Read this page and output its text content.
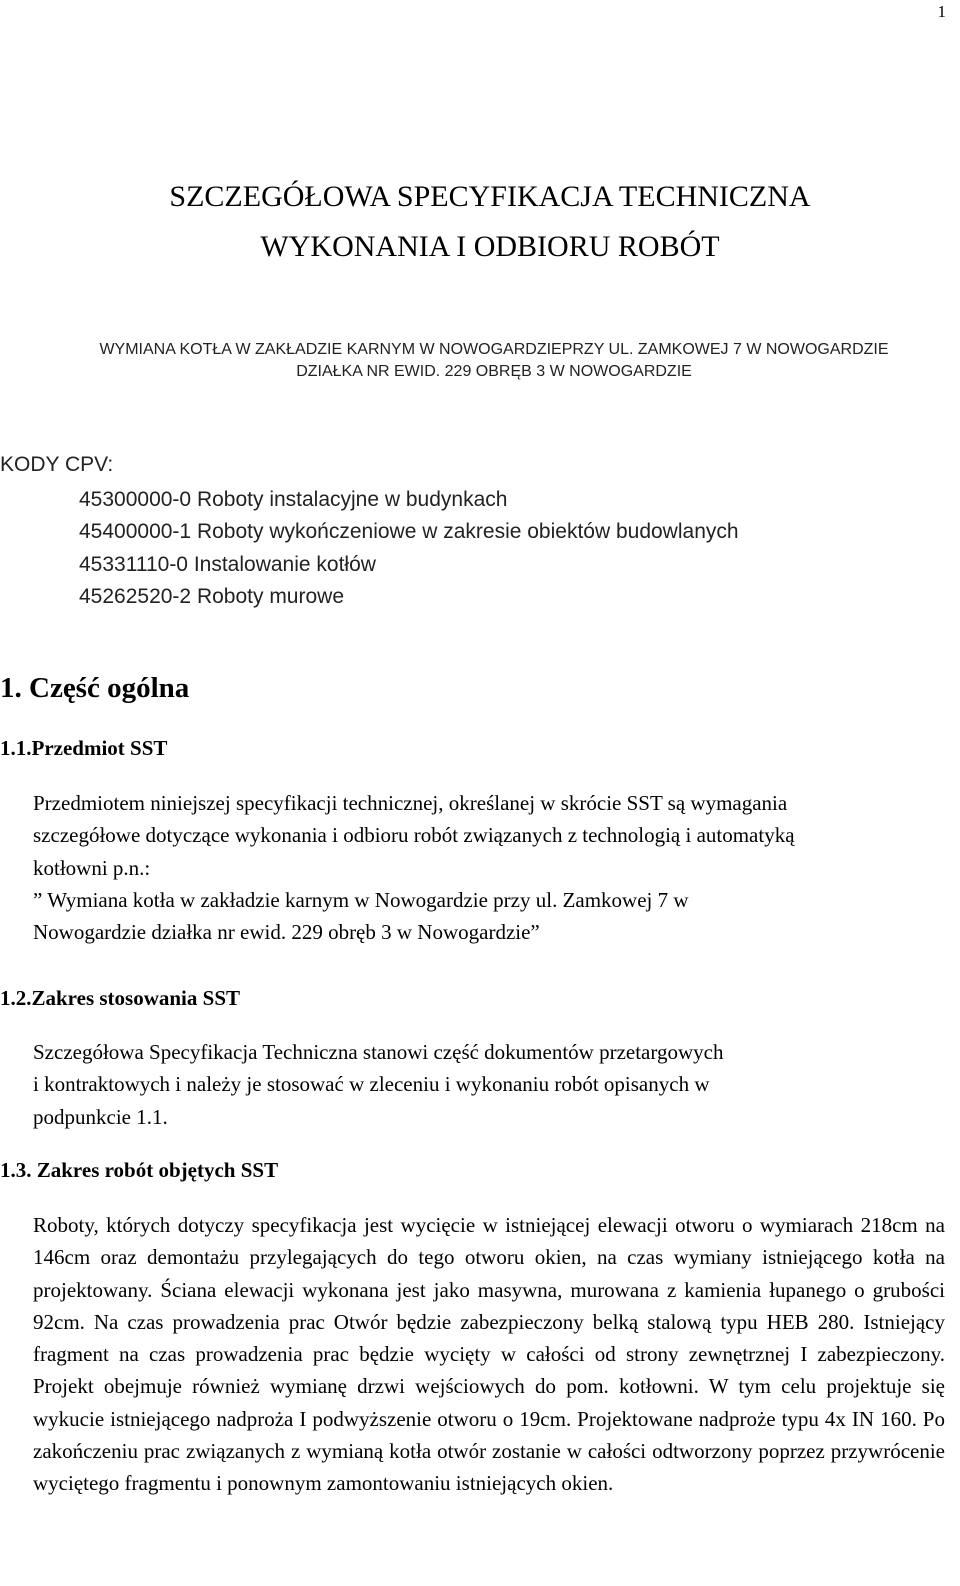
1
SZCZEGÓŁOWA SPECYFIKACJA TECHNICZNA
WYKONANIA I ODBIORU ROBÓT
WYMIANA KOTŁA W ZAKŁADZIE KARNYM W NOWOGARDZIEPRZY UL. ZAMKOWEJ 7 W NOWOGARDZIE
DZIAŁKA NR EWID. 229 OBRĘB 3 W NOWOGARDZIE
KODY CPV:
45300000-0 Roboty instalacyjne w budynkach
45400000-1 Roboty wykończeniowe w zakresie obiektów budowlanych
45331110-0 Instalowanie kotłów
45262520-2 Roboty murowe
1. Część ogólna
1.1.Przedmiot SST
Przedmiotem niniejszej specyfikacji technicznej, określanej w skrócie SST są wymagania
szczegółowe dotyczące wykonania i odbioru robót związanych z technologią i automatyką
kotłowni p.n.:
” Wymiana kotła w zakładzie karnym w Nowogardzie przy ul. Zamkowej 7 w
Nowogardzie działka nr ewid. 229 obręb 3 w Nowogardzie”
1.2.Zakres stosowania SST
Szczegółowa Specyfikacja Techniczna stanowi część dokumentów przetargowych
i kontraktowych i należy je stosować w zleceniu i wykonaniu robót opisanych w
podpunkcie 1.1.
1.3. Zakres robót objętych SST
Roboty, których dotyczy specyfikacja jest wycięcie w istniejącej elewacji otworu o wymiarach 218cm na 146cm oraz demontażu przylegających do tego otworu okien, na czas wymiany istniejącego kotła na projektowany. Ściana elewacji wykonana jest jako masywna, murowana z kamienia łupanego o grubości 92cm. Na czas prowadzenia prac Otwór będzie zabezpieczony belką stalową typu HEB 280. Istniejący fragment na czas prowadzenia prac będzie wycięty w całości od strony zewnętrznej I zabezpieczony. Projekt obejmuje również wymianę drzwi wejściowych do pom. kotłowni. W tym celu projektuje się wykucie istniejącego nadproża I podwyższenie otworu o 19cm. Projektowane nadproże typu 4x IN 160. Po zakończeniu prac związanych z wymianą kotła otwór zostanie w całości odtworzony poprzez przywrócenie wyciętego fragmentu i ponownym zamontowaniu istniejących okien.
